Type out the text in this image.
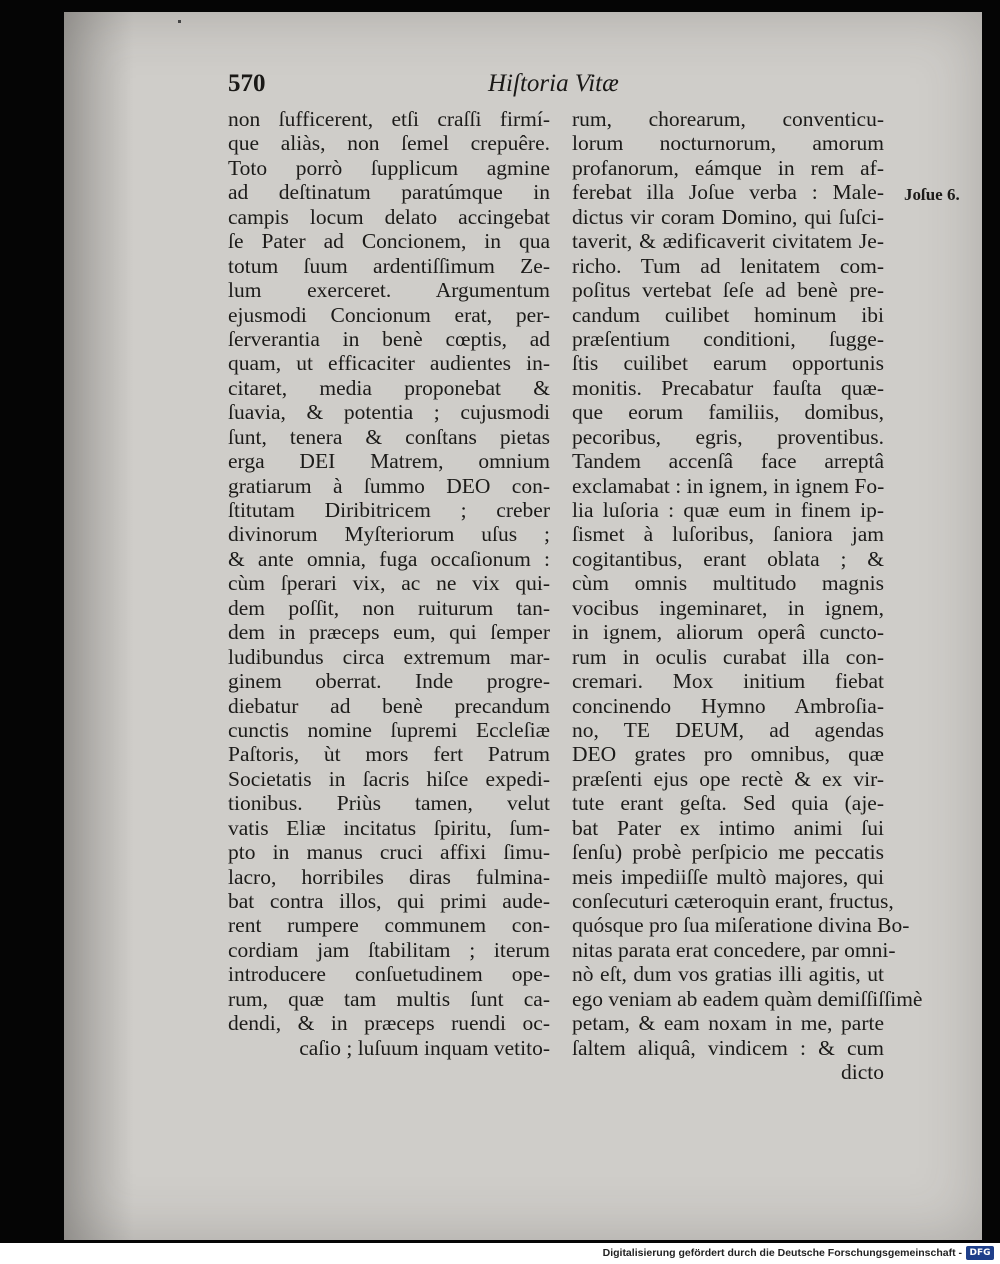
570	Hiſtoria Vitæ
Joſue 6.
non ſufficerent, etſi craſſi firmí-
que aliàs, non ſemel crepuêre.
Toto porrò ſupplicum agmine
ad deſtinatum paratúmque in
campis locum delato accingebat
ſe Pater ad Concionem, in qua
totum ſuum ardentiſſimum Ze-
lum exerceret. Argumentum
ejusmodi Concionum erat, per-
ſerverantia in benè cœptis, ad
quam, ut efficaciter audientes in-
citaret, media proponebat &
ſuavia, & potentia ; cujusmodi
ſunt, tenera & conſtans pietas
erga DEI Matrem, omnium
gratiarum à ſummo DEO con-
ſtitutam Diribitricem ; creber
divinorum Myſteriorum uſus ;
& ante omnia, fuga occaſionum :
cùm ſperari vix, ac ne vix qui-
dem poſſit, non ruiturum tan-
dem in præceps eum, qui ſemper
ludibundus circa extremum mar-
ginem oberrat. Inde progre-
diebatur ad benè precandum
cunctis nomine ſupremi Eccleſiæ
Paſtoris, ùt mors fert Patrum
Societatis in ſacris hiſce expedi-
tionibus. Priùs tamen, velut
vatis Eliæ incitatus ſpiritu, ſum-
pto in manus cruci affixi ſimu-
lacro, horribiles diras fulmina-
bat contra illos, qui primi aude-
rent rumpere communem con-
cordiam jam ſtabilitam ; iterum
introducere conſuetudinem ope-
rum, quæ tam multis ſunt ca-
dendi, & in præceps ruendi oc-
caſio ; luſuum inquam vetito-
rum, chorearum, conventicu-
lorum nocturnorum, amorum
profanorum, eámque in rem af-
ferebat illa Joſue verba : Male-
dictus vir coram Domino, qui ſuſci-
taverit, & ædificaverit civitatem Je-
richo. Tum ad lenitatem com-
poſitus vertebat ſeſe ad benè pre-
candum cuilibet hominum ibi
præſentium conditioni, ſugge-
ſtis cuilibet earum opportunis
monitis. Precabatur fauſta quæ-
que eorum familiis, domibus,
pecoribus, egris, proventibus.
Tandem accenſâ face arreptâ
exclamabat : in ignem, in ignem Fo-
lia luſoria : quæ eum in finem ip-
ſismet à luſoribus, ſaniora jam
cogitantibus, erant oblata ; &
cùm omnis multitudo magnis
vocibus ingeminaret, in ignem,
in ignem, aliorum operâ cuncto-
rum in oculis curabat illa con-
cremari. Mox initium fiebat
concinendo Hymno Ambroſia-
no, TE DEUM, ad agendas
DEO grates pro omnibus, quæ
præſenti ejus ope rectè & ex vir-
tute erant geſta. Sed quia (aje-
bat Pater ex intimo animi ſui
ſenſu) probè perſpicio me peccatis
meis impediiſſe multò majores, qui
conſecuturi cæteroquin erant, fructus,
quósque pro ſua miſeratione divina Bo-
nitas parata erat concedere, par omni-
nò eſt, dum vos gratias illi agitis, ut
ego veniam ab eadem quàm demiſſiſſimè
petam, & eam noxam in me, parte
ſaltem aliquâ, vindicem : & cum
dicto
Digitalisierung gefördert durch die Deutsche Forschungsgemeinschaft - DFG
